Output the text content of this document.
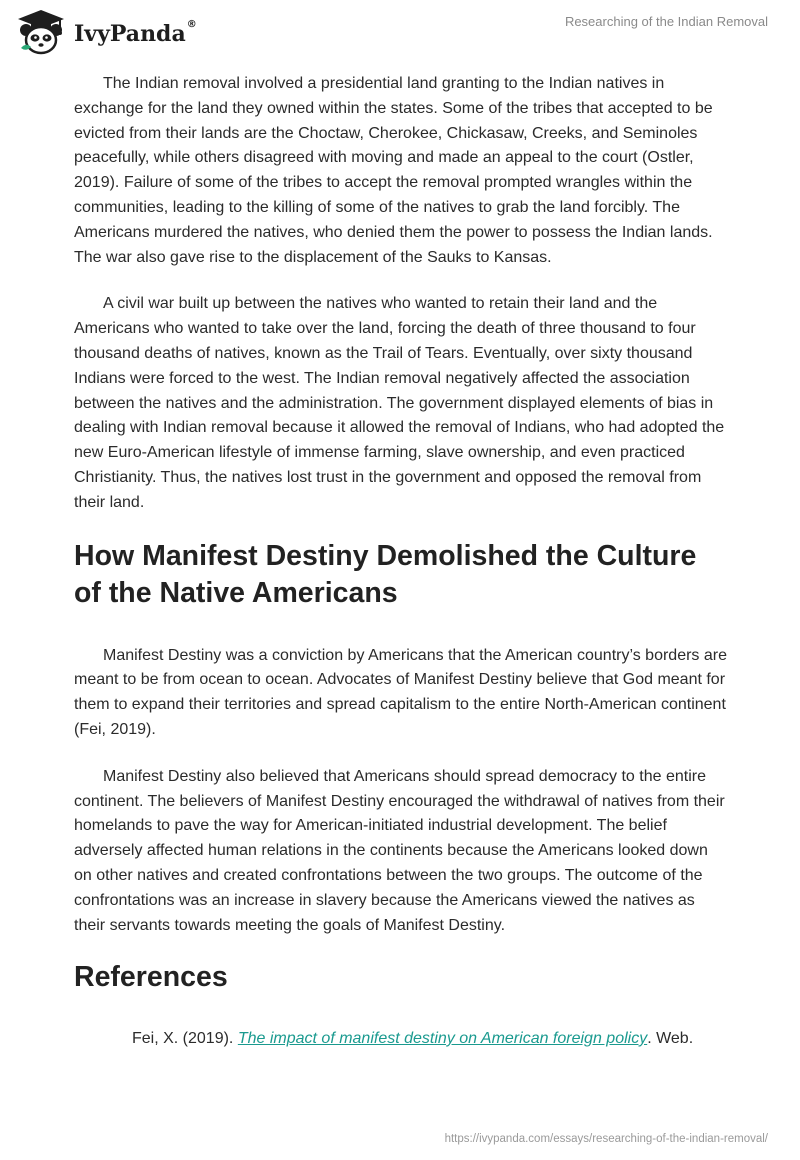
IvyPanda®	Researching of the Indian Removal

The Indian removal involved a presidential land granting to the Indian natives in exchange for the land they owned within the states. Some of the tribes that accepted to be evicted from their lands are the Choctaw, Cherokee, Chickasaw, Creeks, and Seminoles peacefully, while others disagreed with moving and made an appeal to the court (Ostler, 2019). Failure of some of the tribes to accept the removal prompted wrangles within the communities, leading to the killing of some of the natives to grab the land forcibly. The Americans murdered the natives, who denied them the power to possess the Indian lands. The war also gave rise to the displacement of the Sauks to Kansas.

A civil war built up between the natives who wanted to retain their land and the Americans who wanted to take over the land, forcing the death of three thousand to four thousand deaths of natives, known as the Trail of Tears. Eventually, over sixty thousand Indians were forced to the west. The Indian removal negatively affected the association between the natives and the administration. The government displayed elements of bias in dealing with Indian removal because it allowed the removal of Indians, who had adopted the new Euro-American lifestyle of immense farming, slave ownership, and even practiced Christianity. Thus, the natives lost trust in the government and opposed the removal from their land.

How Manifest Destiny Demolished the Culture of the Native Americans

Manifest Destiny was a conviction by Americans that the American country’s borders are meant to be from ocean to ocean. Advocates of Manifest Destiny believe that God meant for them to expand their territories and spread capitalism to the entire North-American continent (Fei, 2019).

Manifest Destiny also believed that Americans should spread democracy to the entire continent. The believers of Manifest Destiny encouraged the withdrawal of natives from their homelands to pave the way for American-initiated industrial development. The belief adversely affected human relations in the continents because the Americans looked down on other natives and created confrontations between the two groups. The outcome of the confrontations was an increase in slavery because the Americans viewed the natives as their servants towards meeting the goals of Manifest Destiny.

References

Fei, X. (2019). The impact of manifest destiny on American foreign policy. Web.

https://ivypanda.com/essays/researching-of-the-indian-removal/
